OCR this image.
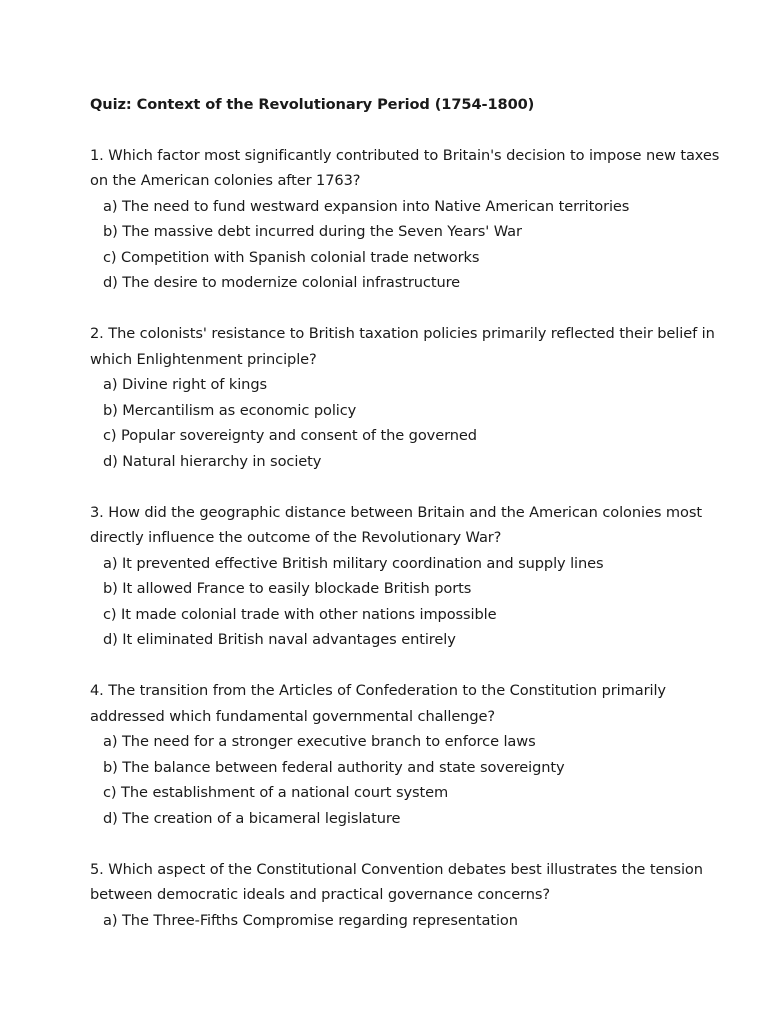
Quiz: Context of the Revolutionary Period (1754-1800)

1. Which factor most significantly contributed to Britain's decision to impose new taxes on the American colonies after 1763?

a) The need to fund westward expansion into Native American territories

b) The massive debt incurred during the Seven Years' War

c) Competition with Spanish colonial trade networks

d) The desire to modernize colonial infrastructure

2. The colonists' resistance to British taxation policies primarily reflected their belief in which Enlightenment principle?

a) Divine right of kings

b) Mercantilism as economic policy

c) Popular sovereignty and consent of the governed

d) Natural hierarchy in society

3. How did the geographic distance between Britain and the American colonies most directly influence the outcome of the Revolutionary War?

a) It prevented effective British military coordination and supply lines

b) It allowed France to easily blockade British ports

c) It made colonial trade with other nations impossible

d) It eliminated British naval advantages entirely

4. The transition from the Articles of Confederation to the Constitution primarily addressed which fundamental governmental challenge?

a) The need for a stronger executive branch to enforce laws

b) The balance between federal authority and state sovereignty

c) The establishment of a national court system

d) The creation of a bicameral legislature

5. Which aspect of the Constitutional Convention debates best illustrates the tension between democratic ideals and practical governance concerns?

a) The Three-Fifths Compromise regarding representation
